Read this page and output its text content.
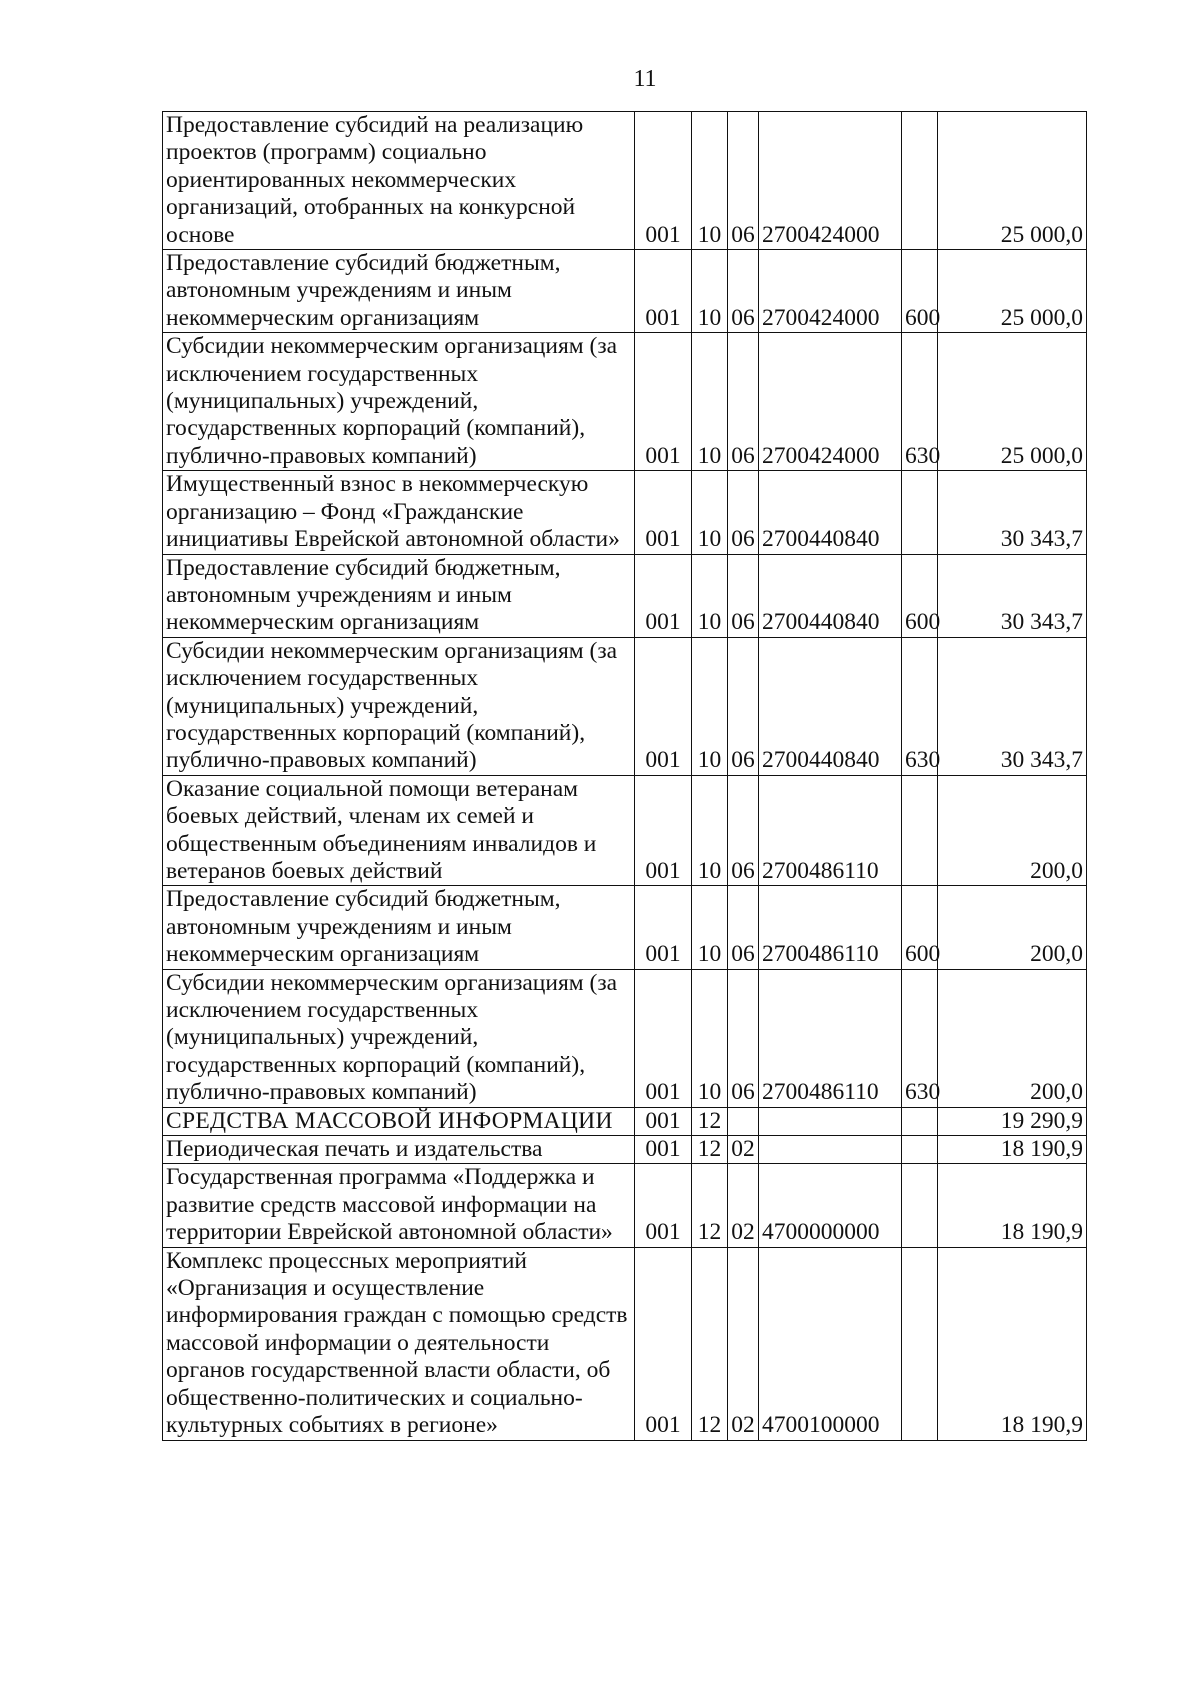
11
Предоставление субсидий на реализацию проектов (программ) социально ориентированных некоммерческих организаций, отобранных на конкурсной основе	001	10	06	2700424000		25 000,0
Предоставление субсидий бюджетным, автономным учреждениям и иным некоммерческим организациям	001	10	06	2700424000	600	25 000,0
Субсидии некоммерческим организациям (за исключением государственных (муниципальных) учреждений, государственных корпораций (компаний), публично-правовых компаний)	001	10	06	2700424000	630	25 000,0
Имущественный взнос в некоммерческую организацию – Фонд «Гражданские инициативы Еврейской автономной области»	001	10	06	2700440840		30 343,7
Предоставление субсидий бюджетным, автономным учреждениям и иным некоммерческим организациям	001	10	06	2700440840	600	30 343,7
Субсидии некоммерческим организациям (за исключением государственных (муниципальных) учреждений, государственных корпораций (компаний), публично-правовых компаний)	001	10	06	2700440840	630	30 343,7
Оказание социальной помощи ветеранам боевых действий, членам их семей и общественным объединениям инвалидов и ветеранов боевых действий	001	10	06	2700486110		200,0
Предоставление субсидий бюджетным, автономным учреждениям и иным некоммерческим организациям	001	10	06	2700486110	600	200,0
Субсидии некоммерческим организациям (за исключением государственных (муниципальных) учреждений, государственных корпораций (компаний), публично-правовых компаний)	001	10	06	2700486110	630	200,0
СРЕДСТВА МАССОВОЙ ИНФОРМАЦИИ	001	12				19 290,9
Периодическая печать и издательства	001	12	02			18 190,9
Государственная программа «Поддержка и развитие средств массовой информации на территории Еврейской автономной области»	001	12	02	4700000000		18 190,9
Комплекс процессных мероприятий «Организация и осуществление информирования граждан с помощью средств массовой информации о деятельности органов государственной власти области, об общественно-политических и социально-культурных событиях в регионе»	001	12	02	4700100000		18 190,9
